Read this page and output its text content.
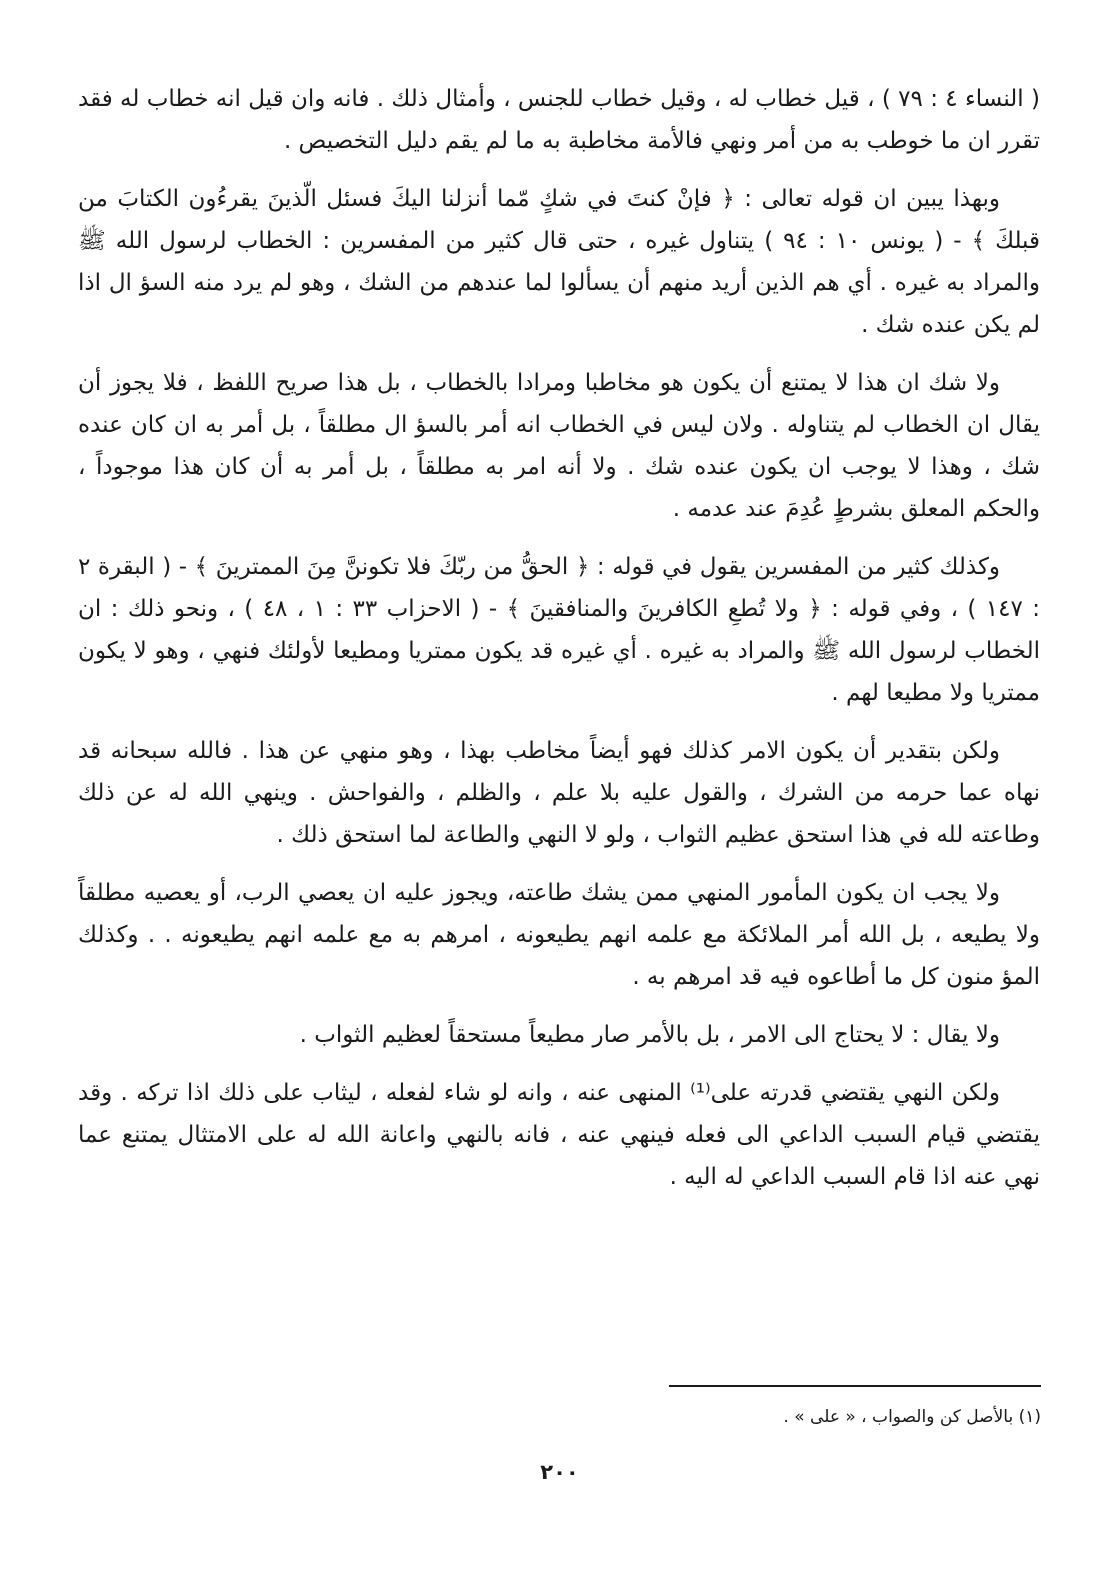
( النساء ٤ : ٧٩ ) ، قيل خطاب له ، وقيل خطاب للجنس ، وأمثال ذلك . فانه وان قيل انه خطاب له فقد تقرر ان ما خوطب به من أمر ونهي فالأمة مخاطبة به ما لم يقم دليل التخصيص .

وبهذا يبين ان قوله تعالى : ﴿ فإنْ كنتَ في شكٍ مّما أنزلنا اليكَ فسئل الّذينَ يقرءُون الكتابَ من قبلكَ ﴾ - ( يونس ١٠ : ٩٤ ) يتناول غيره ، حتى قال كثير من المفسرين : الخطاب لرسول الله ﷺ والمراد به غيره . أي هم الذين أريد منهم أن يسألوا لما عندهم من الشك ، وهو لم يرد منه السؤ ال اذا لم يكن عنده شك .

ولا شك ان هذا لا يمتنع أن يكون هو مخاطبا ومرادا بالخطاب ، بل هذا صريح اللفظ ، فلا يجوز أن يقال ان الخطاب لم يتناوله . ولان ليس في الخطاب انه أمر بالسؤ ال مطلقاً ، بل أمر به ان كان عنده شك ، وهذا لا يوجب ان يكون عنده شك . ولا أنه امر به مطلقاً ، بل أمر به أن كان هذا موجوداً ، والحكم المعلق بشرطٍ عُدِمَ عند عدمه .

وكذلك كثير من المفسرين يقول في قوله : ﴿ الحقُّ من ربّكَ فلا تكوننَّ مِنَ الممترينَ ﴾ - ( البقرة ٢ : ١٤٧ ) ، وفي قوله : ﴿ ولا تُطعِ الكافرينَ والمنافقينَ ﴾ - ( الاحزاب ٣٣ : ١ ، ٤٨ ) ، ونحو ذلك : ان الخطاب لرسول الله ﷺ والمراد به غيره . أي غيره قد يكون ممتريا ومطيعا لأولئك فنهي ، وهو لا يكون ممتريا ولا مطيعا لهم .

ولكن بتقدير أن يكون الامر كذلك فهو أيضاً مخاطب بهذا ، وهو منهي عن هذا . فالله سبحانه قد نهاه عما حرمه من الشرك ، والقول عليه بلا علم ، والظلم ، والفواحش . وينهي الله له عن ذلك وطاعته لله في هذا استحق عظيم الثواب ، ولو لا النهي والطاعة لما استحق ذلك .

ولا يجب ان يكون المأمور المنهي ممن يشك طاعته، ويجوز عليه ان يعصي الرب، أو يعصيه مطلقاً ولا يطيعه ، بل الله أمر الملائكة مع علمه انهم يطيعونه ، امرهم به مع علمه انهم يطيعونه . . وكذلك المؤ منون كل ما أطاعوه فيه قد امرهم به .

ولا يقال : لا يحتاج الى الامر ، بل بالأمر صار مطيعاً مستحقاً لعظيم الثواب .

ولكن النهي يقتضي قدرته على⁽¹⁾ المنهى عنه ، وانه لو شاء لفعله ، ليثاب على ذلك اذا تركه . وقد يقتضي قيام السبب الداعي الى فعله فينهي عنه ، فانه بالنهي واعانة الله له على الامتثال يمتنع عما نهي عنه اذا قام السبب الداعي له اليه .

(١) بالأصل كن والصواب ، « على » .
٢٠٠
